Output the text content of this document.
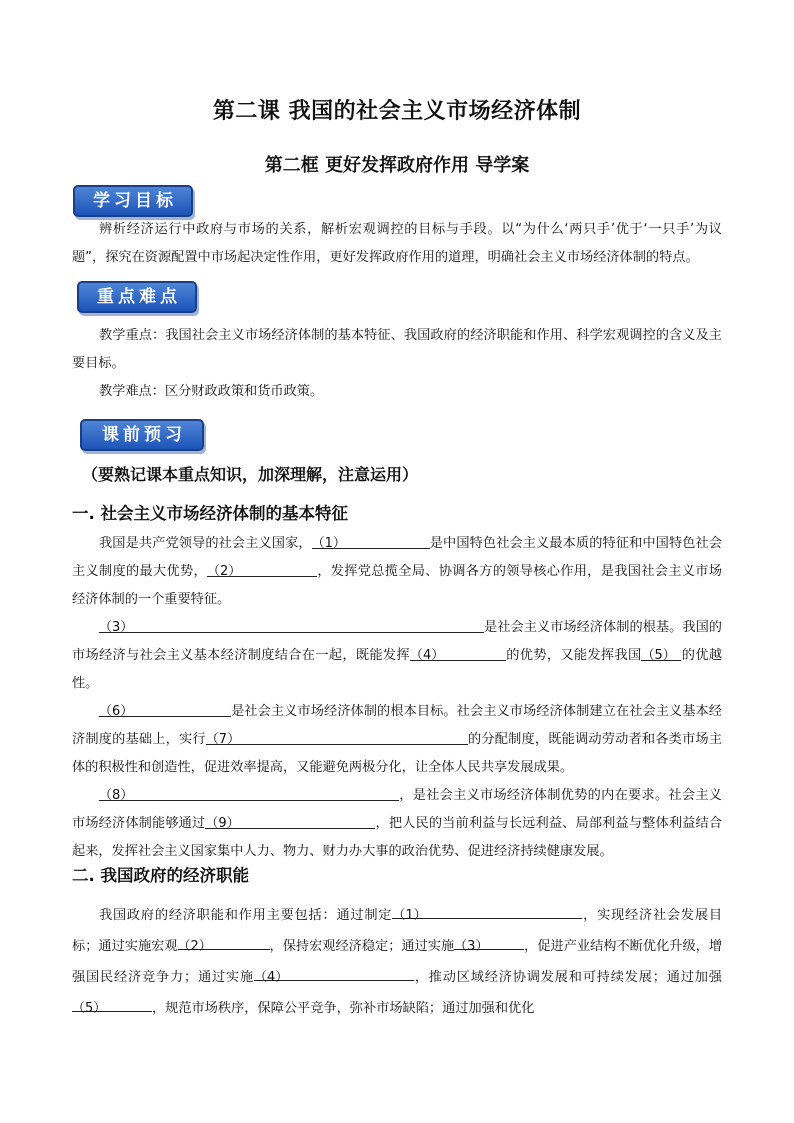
第二课 我国的社会主义市场经济体制
第二框 更好发挥政府作用 导学案
学习目标

辨析经济运行中政府与市场的关系，解析宏观调控的目标与手段。以“为什么‘两只手’优于‘一只手’为议题”，探究在资源配置中市场起决定性作用，更好发挥政府作用的道理，明确社会主义市场经济体制的特点。

重点难点

教学重点：我国社会主义市场经济体制的基本特征、我国政府的经济职能和作用、科学宏观调控的含义及主要目标。

教学难点：区分财政政策和货币政策。

课前预习
（要熟记课本重点知识，加深理解，注意运用）
一. 社会主义市场经济体制的基本特征

我国是共产党领导的社会主义国家，（1）	是中国特色社会主义最本质的特征和中国特色社会主义制度的最大优势，（2）	，发挥党总揽全局、协调各方的领导核心作用，是我国社会主义市场经济体制的一个重要特征。

（3）	是社会主义市场经济体制的根基。我国的市场经济与社会主义基本经济制度结合在一起，既能发挥（4）	的优势，又能发挥我国（5） 的优越性。

（6）	是社会主义市场经济体制的根本目标。社会主义市场经济体制建立在社会主义基本经济制度的基础上，实行（7）	的分配制度，既能调动劳动者和各类市场主体的积极性和创造性，促进效率提高，又能避免两极分化，让全体人民共享发展成果。

（8）	，是社会主义市场经济体制优势的内在要求。社会主义市场经济体制能够通过（9）	，把人民的当前利益与长远利益、局部利益与整体利益结合起来，发挥社会主义国家集中人力、物力、财力办大事的政治优势、促进经济持续健康发展。

二. 我国政府的经济职能

我国政府的经济职能和作用主要包括：通过制定（1）	，实现经济社会发展目标；通过实施宏观（2）	，保持宏观经济稳定；通过实施（3）	，促进产业结构不断优化升级，增强国民经济竞争力；通过实施（4）	，推动区域经济协调发展和可持续发展；通过加强（5）	，规范市场秩序，保障公平竞争，弥补市场缺陷；通过加强和优化
